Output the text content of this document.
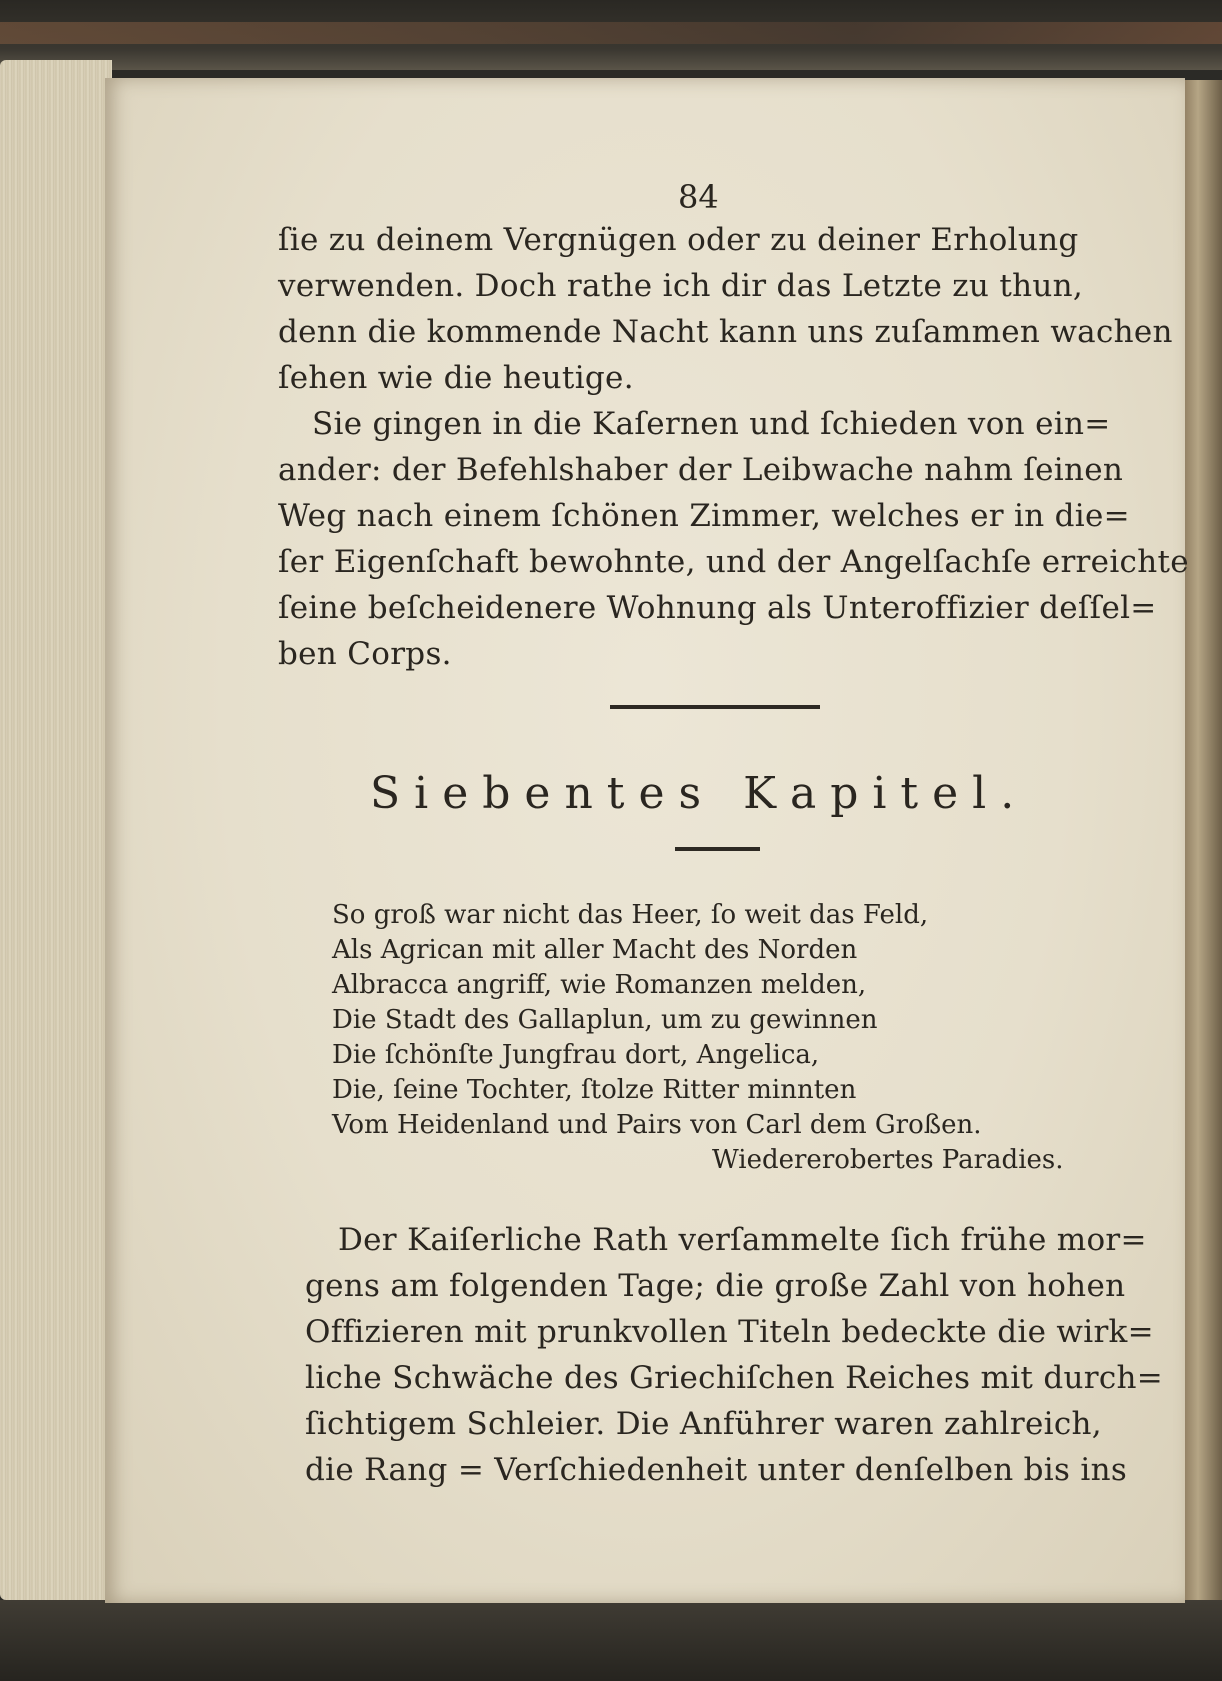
84
ſie zu deinem Vergnügen oder zu deiner Erholung
verwenden. Doch rathe ich dir das Letzte zu thun,
denn die kommende Nacht kann uns zuſammen wachen
ſehen wie die heutige.
Sie gingen in die Kaſernen und ſchieden von ein=
ander: der Befehlshaber der Leibwache nahm ſeinen
Weg nach einem ſchönen Zimmer, welches er in die=
ſer Eigenſchaft bewohnte, und der Angelſachſe erreichte
ſeine beſcheidenere Wohnung als Unteroffizier deſſel=
ben Corps.
Siebentes Kapitel.
So groß war nicht das Heer, ſo weit das Feld,
Als Agrican mit aller Macht des Norden
Albracca angriff, wie Romanzen melden,
Die Stadt des Gallaplun, um zu gewinnen
Die ſchönſte Jungfrau dort, Angelica,
Die, ſeine Tochter, ſtolze Ritter minnten
Vom Heidenland und Pairs von Carl dem Großen.
Wiedererobertes Paradies.
Der Kaiſerliche Rath verſammelte ſich frühe mor=
gens am folgenden Tage; die große Zahl von hohen
Offizieren mit prunkvollen Titeln bedeckte die wirk=
liche Schwäche des Griechiſchen Reiches mit durch=
ſichtigem Schleier. Die Anführer waren zahlreich,
die Rang = Verſchiedenheit unter denſelben bis ins
